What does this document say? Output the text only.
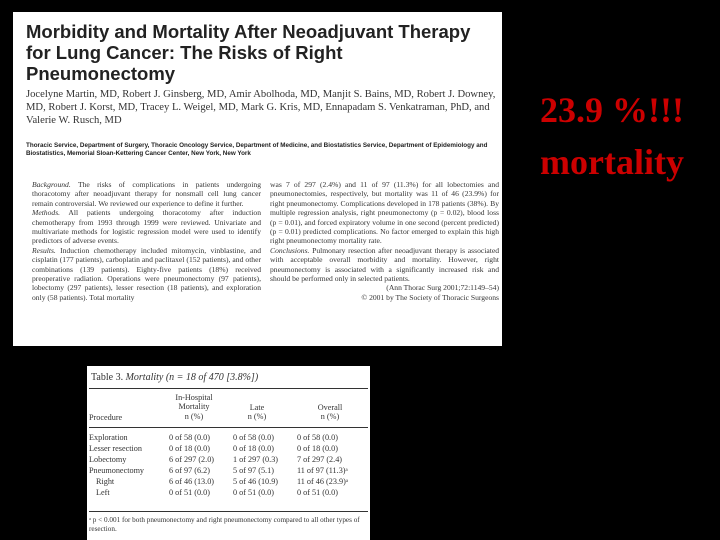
Morbidity and Mortality After Neoadjuvant Therapy for Lung Cancer: The Risks of Right Pneumonectomy
Jocelyne Martin, MD, Robert J. Ginsberg, MD, Amir Abolhoda, MD, Manjit S. Bains, MD, Robert J. Downey, MD, Robert J. Korst, MD, Tracey L. Weigel, MD, Mark G. Kris, MD, Ennapadam S. Venkatraman, PhD, and Valerie W. Rusch, MD
Thoracic Service, Department of Surgery, Thoracic Oncology Service, Department of Medicine, and Biostatistics Service, Department of Epidemiology and Biostatistics, Memorial Sloan-Kettering Cancer Center, New York, New York

Background. The risks of complications in patients undergoing thoracotomy after neoadjuvant therapy for nonsmall cell lung cancer remain controversial. We reviewed our experience to define it further.

Methods. All patients undergoing thoracotomy after induction chemotherapy from 1993 through 1999 were reviewed. Univariate and multivariate methods for logistic regression model were used to identify predictors of adverse events.

Results. Induction chemotherapy included mitomycin, vinblastine, and cisplatin (177 patients), carboplatin and paclitaxel (152 patients), and other combinations (139 patients). Eighty-five patients (18%) received preoperative radiation. Operations were pneumonectomy (97 patients), lobectomy (297 patients), lesser resection (18 patients), and exploration only (58 patients). Total mortality

was 7 of 297 (2.4%) and 11 of 97 (11.3%) for all lobectomies and pneumonectomies, respectively, but mortality was 11 of 46 (23.9%) for right pneumonectomy. Complications developed in 178 patients (38%). By multiple regression analysis, right pneumonectomy (p = 0.02), blood loss (p = 0.01), and forced expiratory volume in one second (percent predicted) (p = 0.01) predicted complications. No factor emerged to explain this high right pneumonectomy mortality rate.

Conclusions. Pulmonary resection after neoadjuvant therapy is associated with acceptable overall morbidity and mortality. However, right pneumonectomy is associated with a significantly increased risk and should be performed only in selected patients.

(Ann Thorac Surg 2001;72:1149–54)

© 2001 by The Society of Thoracic Surgeons

23.9 %!!!
mortality
Table 3. Mortality (n = 18 of 470 [3.8%])
Procedure
In-Hospital
Mortality
n (%)
Late
n (%)
Overall
n (%)
Exploration	0 of 58 (0.0)	0 of 58 (0.0)	0 of 58 (0.0)
Lesser resection	0 of 18 (0.0)	0 of 18 (0.0)	0 of 18 (0.0)
Lobectomy	6 of 297 (2.0) 1 of 297 (0.3) 7 of 297 (2.4)
Pneumonectomy	6 of 97 (6.2)	5 of 97 (5.1)	11 of 97 (11.3)ᵃ
Right	6 of 46 (13.0) 5 of 46 (10.9) 11 of 46 (23.9)ᵃ
Left	0 of 51 (0.0)	0 of 51 (0.0)	0 of 51 (0.0)
ᵃ p < 0.001 for both pneumonectomy and right pneumonectomy compared to all other types of resection.
